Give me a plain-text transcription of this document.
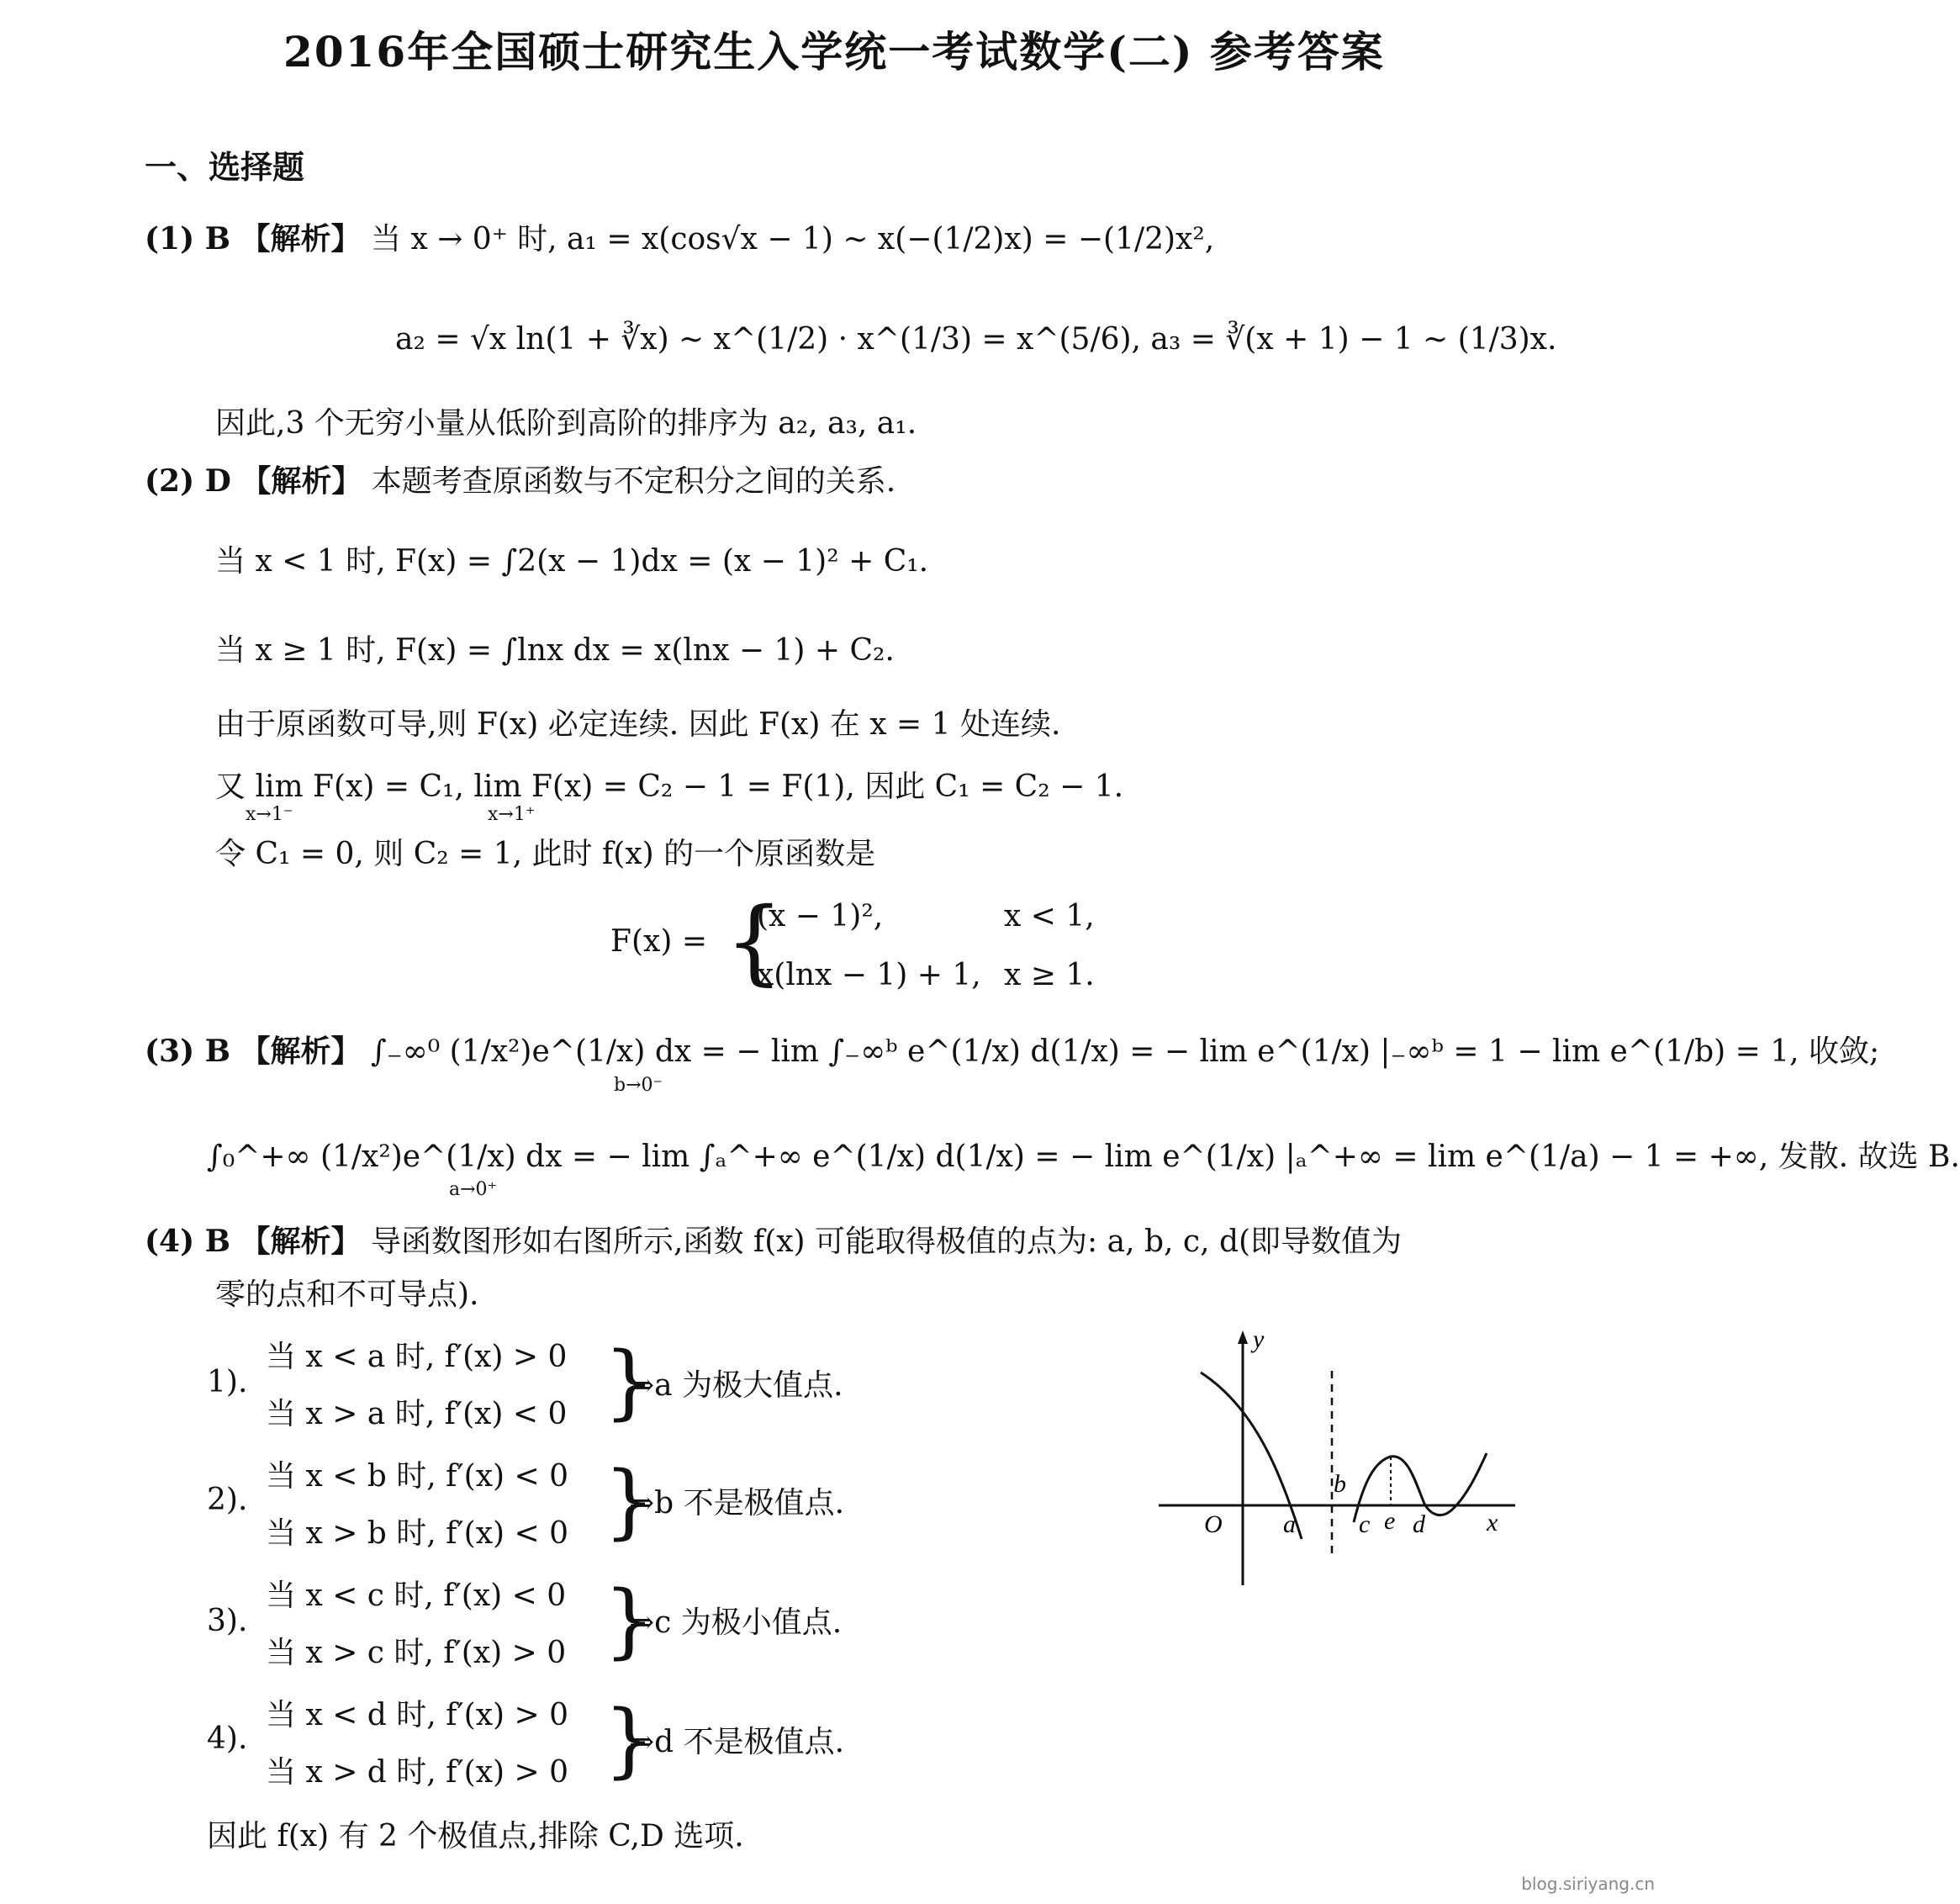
2016年全国硕士研究生入学统一考试数学(二) 参考答案
一、选择题
(1) B 【解析】 当 x → 0⁺ 时, a₁ = x(cos√x − 1) ~ x(−(1/2)x) = −(1/2)x²,
a₂ = √x ln(1 + ∛x) ~ x^(1/2) · x^(1/3) = x^(5/6), a₃ = ∛(x + 1) − 1 ~ (1/3)x.
因此,3 个无穷小量从低阶到高阶的排序为 a₂, a₃, a₁.
(2) D 【解析】 本题考查原函数与不定积分之间的关系.
当 x < 1 时, F(x) = ∫2(x − 1)dx = (x − 1)² + C₁.
当 x ≥ 1 时, F(x) = ∫lnx dx = x(lnx − 1) + C₂.
由于原函数可导,则 F(x) 必定连续. 因此 F(x) 在 x = 1 处连续.
又 lim F(x) = C₁, lim F(x) = C₂ − 1 = F(1), 因此 C₁ = C₂ − 1.
x→1⁻	x→1⁺
令 C₁ = 0, 则 C₂ = 1, 此时 f(x) 的一个原函数是
F(x) = {
(x − 1)²,	x < 1,
x(lnx − 1) + 1, x ≥ 1.
(3) B 【解析】 ∫₋∞⁰ (1/x²)e^(1/x) dx = − lim ∫₋∞ᵇ e^(1/x) d(1/x) = − lim e^(1/x) |₋∞ᵇ = 1 − lim e^(1/b) = 1, 收敛;
b→0⁻
∫₀^+∞ (1/x²)e^(1/x) dx = − lim ∫ₐ^+∞ e^(1/x) d(1/x) = − lim e^(1/x) |ₐ^+∞ = lim e^(1/a) − 1 = +∞, 发散. 故选 B.
a→0⁺
(4) B 【解析】 导函数图形如右图所示,函数 f(x) 可能取得极值的点为: a, b, c, d(即导数值为
零的点和不可导点).
1).
当 x < a 时, f′(x) > 0
当 x > a 时, f′(x) < 0 }
⇒a 为极大值点.
2).
当 x < b 时, f′(x) < 0
当 x > b 时, f′(x) < 0 }
⇒b 不是极值点.
3).
当 x < c 时, f′(x) < 0
当 x > c 时, f′(x) > 0 }
⇒c 为极小值点.
4).
当 x < d 时, f′(x) > 0
当 x > d 时, f′(x) > 0 }
⇒d 不是极值点.
因此 f(x) 有 2 个极值点,排除 C,D 选项.
y
x
O a
b
c e d
blog.siriyang.cn
